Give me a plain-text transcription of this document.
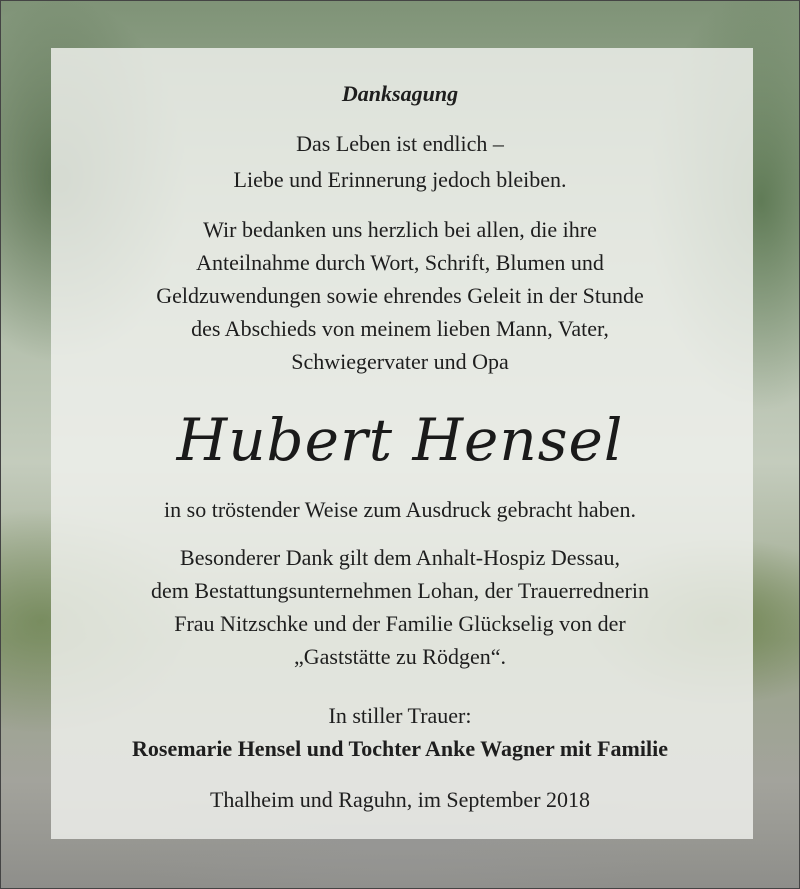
Danksagung
Das Leben ist endlich –
Liebe und Erinnerung jedoch bleiben.
Wir bedanken uns herzlich bei allen, die ihre
Anteilnahme durch Wort, Schrift, Blumen und
Geldzuwendungen sowie ehrendes Geleit in der Stunde
des Abschieds von meinem lieben Mann, Vater,
Schwiegervater und Opa
Hubert Hensel
in so tröstender Weise zum Ausdruck gebracht haben.
Besonderer Dank gilt dem Anhalt-Hospiz Dessau,
dem Bestattungsunternehmen Lohan, der Trauerrednerin
Frau Nitzschke und der Familie Glückselig von der
„Gaststätte zu Rödgen“.
In stiller Trauer:
Rosemarie Hensel und Tochter Anke Wagner mit Familie
Thalheim und Raguhn, im September 2018
